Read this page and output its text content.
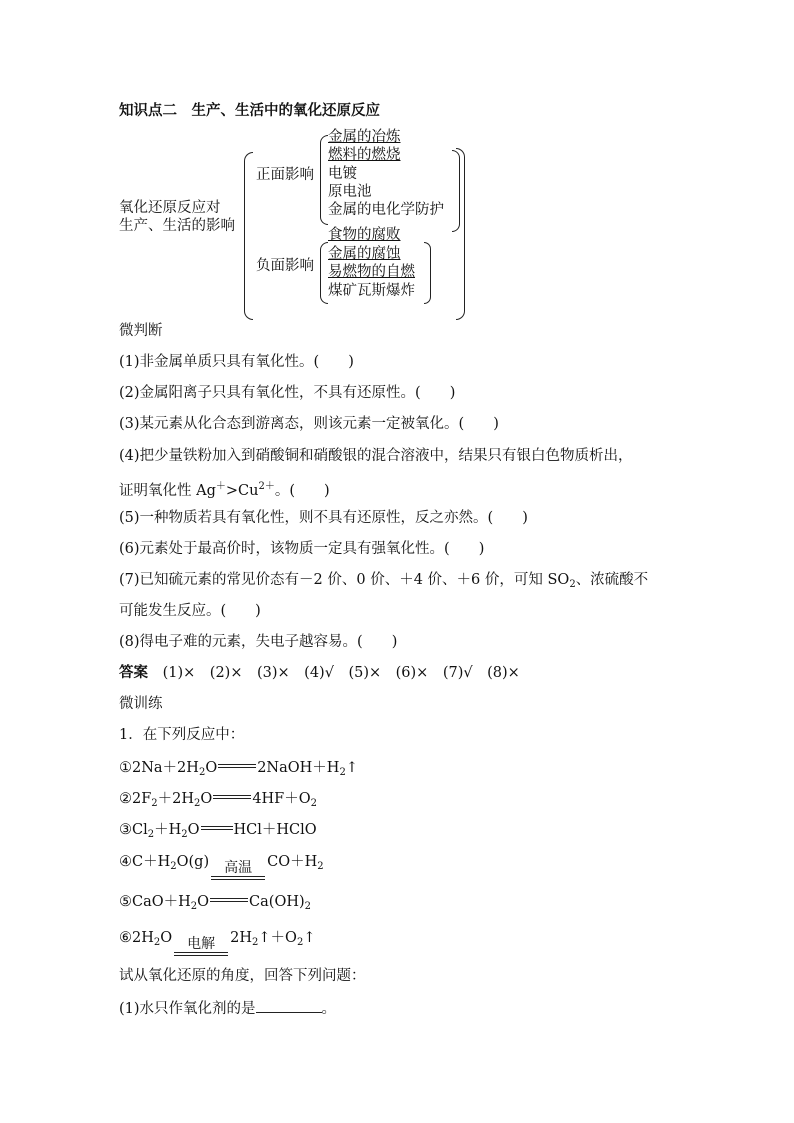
知识点二　生产、生活中的氧化还原反应
氧化还原反应对
生产、生活的影响
正面影响
金属的冶炼
燃料的燃烧
电镀
原电池
金属的电化学防护
负面影响
食物的腐败
金属的腐蚀
易燃物的自燃
煤矿瓦斯爆炸
微判断
(1)非金属单质只具有氧化性。(　　)
(2)金属阳离子只具有氧化性，不具有还原性。(　　)
(3)某元素从化合态到游离态，则该元素一定被氧化。(　　)
(4)把少量铁粉加入到硝酸铜和硝酸银的混合溶液中，结果只有银白色物质析出，
证明氧化性 $Ag^+>Cu^{2+}$。(　　)
(5)一种物质若具有氧化性，则不具有还原性，反之亦然。(　　)
(6)元素处于最高价时，该物质一定具有强氧化性。(　　)
(7)已知硫元素的常见价态有－2 价、0 价、＋4 价、＋6 价，可知 $SO_2$、浓硫酸不
可能发生反应。(　　)
(8)得电子难的元素，失电子越容易。(　　)
答案 (1)×　(2)×　(3)×　(4)√　(5)×　(6)×　(7)√　(8)×
微训练
1．在下列反应中：
$①2Na+2H_2O$	$2NaOH+H_2↑$
$②2F_2+2H_2O$	$4HF+O_2$
$③Cl_2+H_2O$ HCl＋HClO
$④C+H_2O(g)$	高温	$CO+H_2$
$⑤CaO+H_2O$	$Ca(OH)_2$
$⑥2H_2O$	电解	$2H_2↑+O_2↑$
试从氧化还原的角度，回答下列问题：
(1)水只作氧化剂的是	。
